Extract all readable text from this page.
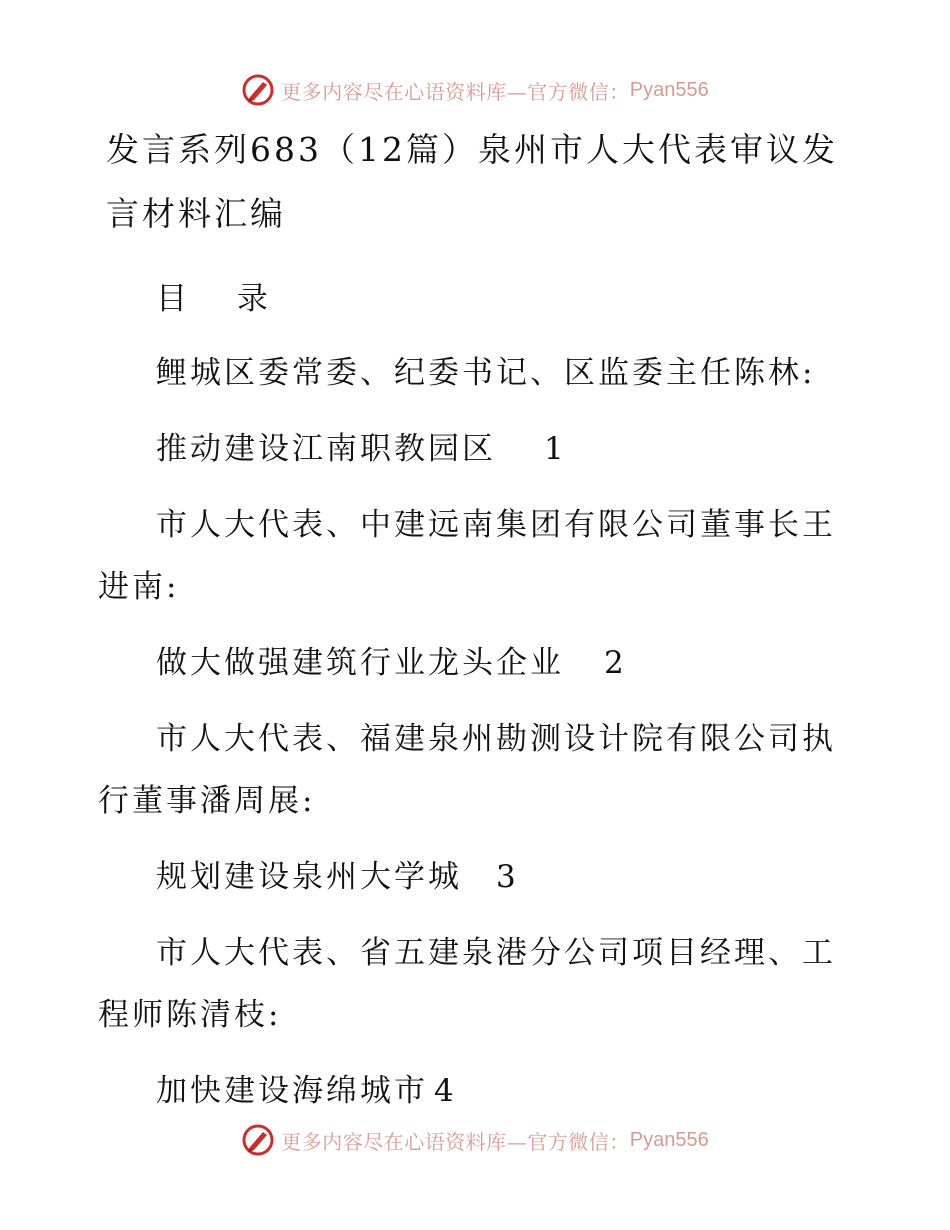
更多内容尽在心语资料库—官方微信： Pyan556
发言系列683（12篇）泉州市人大代表审议发言材料汇编

目 录

鲤城区委常委、纪委书记、区监委主任陈林:

推动建设江南职教园区 1

市人大代表、中建远南集团有限公司董事长王进南:

做大做强建筑行业龙头企业 2

市人大代表、福建泉州勘测设计院有限公司执行董事潘周展:

规划建设泉州大学城 3

市人大代表、省五建泉港分公司项目经理、工程师陈清枝:

加快建设海绵城市 4

更多内容尽在心语资料库—官方微信： Pyan556
